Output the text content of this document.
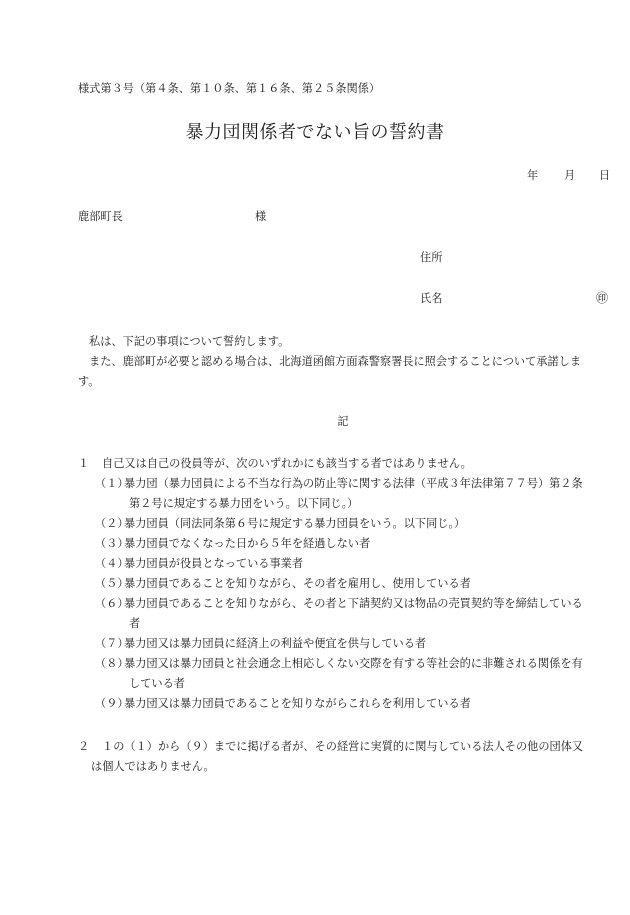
様式第３号（第４条、第１０条、第１６条、第２５条関係）
暴力団関係者でない旨の誓約書
年 月 日
鹿部町長	様
住所
氏名	㊞

私は、下記の事項について誓約します。

また、鹿部町が必要と認める場合は、北海道函館方面森警察署長に照会することについて承諾しま

す。
記
１ 自己又は自己の役員等が、次のいずれかにも該当する者ではありません。
（１）
暴力団（暴力団員による不当な行為の防止等に関する法律（平成３年法律第７７号）第２条
第２号に規定する暴力団をいう。以下同じ。）
（２）
暴力団員（同法同条第６号に規定する暴力団員をいう。以下同じ。）
（３）
暴力団員でなくなった日から５年を経過しない者
（４）
暴力団員が役員となっている事業者
（５）
暴力団員であることを知りながら、その者を雇用し、使用している者
（６）
暴力団員であることを知りながら、その者と下請契約又は物品の売買契約等を締結している
者
（７）
暴力団又は暴力団員に経済上の利益や便宜を供与している者
（８）
暴力団又は暴力団員と社会通念上相応しくない交際を有する等社会的に非難される関係を有
している者
（９）
暴力団又は暴力団員であることを知りながらこれらを利用している者
２ １の（１）から（９）までに掲げる者が、その経営に実質的に関与している法人その他の団体又
は個人ではありません。
